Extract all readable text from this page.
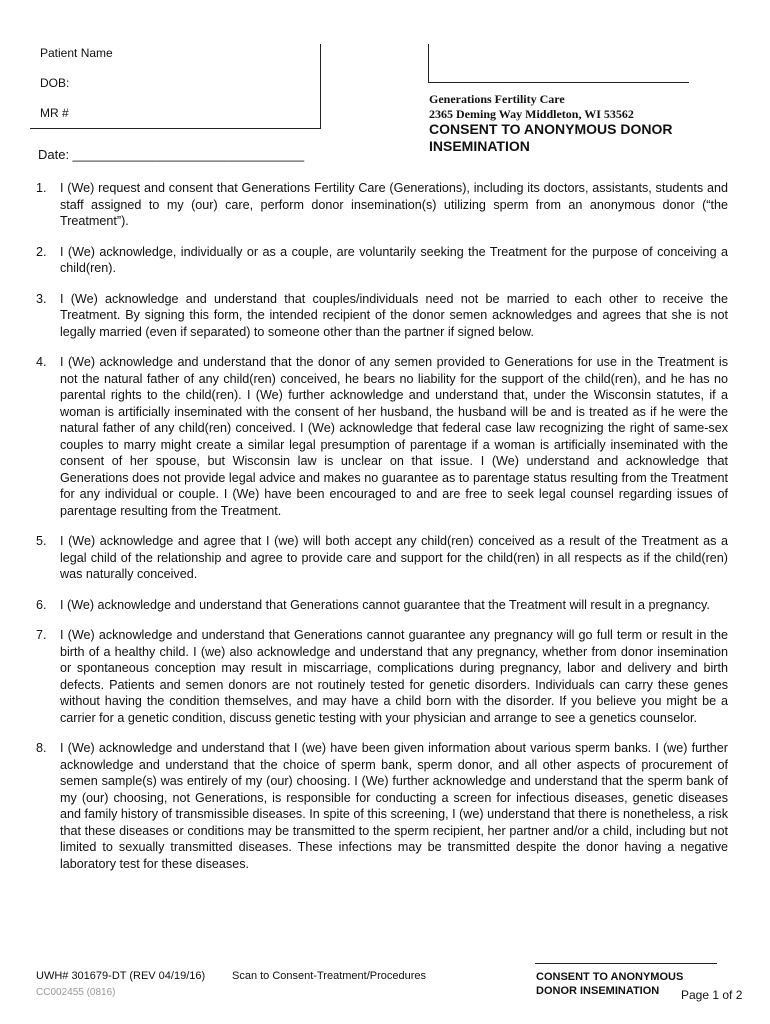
Patient Name
DOB:
MR #
Generations Fertility Care
2365 Deming Way Middleton, WI 53562
CONSENT TO ANONYMOUS DONOR INSEMINATION
Date: ________________________________
1.	I (We) request and consent that Generations Fertility Care (Generations), including its doctors, assistants, students and staff assigned to my (our) care, perform donor insemination(s) utilizing sperm from an anonymous donor (“the Treatment”).
2.	I (We) acknowledge, individually or as a couple, are voluntarily seeking the Treatment for the purpose of conceiving a child(ren).
3.	I (We) acknowledge and understand that couples/individuals need not be married to each other to receive the Treatment. By signing this form, the intended recipient of the donor semen acknowledges and agrees that she is not legally married (even if separated) to someone other than the partner if signed below.
4.	I (We) acknowledge and understand that the donor of any semen provided to Generations for use in the Treatment is not the natural father of any child(ren) conceived, he bears no liability for the support of the child(ren), and he has no parental rights to the child(ren). I (We) further acknowledge and understand that, under the Wisconsin statutes, if a woman is artificially inseminated with the consent of her husband, the husband will be and is treated as if he were the natural father of any child(ren) conceived. I (We) acknowledge that federal case law recognizing the right of same-sex couples to marry might create a similar legal presumption of parentage if a woman is artificially inseminated with the consent of her spouse, but Wisconsin law is unclear on that issue. I (We) understand and acknowledge that Generations does not provide legal advice and makes no guarantee as to parentage status resulting from the Treatment for any individual or couple. I (We) have been encouraged to and are free to seek legal counsel regarding issues of parentage resulting from the Treatment.
5.	I (We) acknowledge and agree that I (we) will both accept any child(ren) conceived as a result of the Treatment as a legal child of the relationship and agree to provide care and support for the child(ren) in all respects as if the child(ren) was naturally conceived.
6.	I (We) acknowledge and understand that Generations cannot guarantee that the Treatment will result in a pregnancy.
7.	I (We) acknowledge and understand that Generations cannot guarantee any pregnancy will go full term or result in the birth of a healthy child. I (we) also acknowledge and understand that any pregnancy, whether from donor insemination or spontaneous conception may result in miscarriage, complications during pregnancy, labor and delivery and birth defects. Patients and semen donors are not routinely tested for genetic disorders. Individuals can carry these genes without having the condition themselves, and may have a child born with the disorder. If you believe you might be a carrier for a genetic condition, discuss genetic testing with your physician and arrange to see a genetics counselor.
8.	I (We) acknowledge and understand that I (we) have been given information about various sperm banks. I (we) further acknowledge and understand that the choice of sperm bank, sperm donor, and all other aspects of procurement of semen sample(s) was entirely of my (our) choosing. I (We) further acknowledge and understand that the sperm bank of my (our) choosing, not Generations, is responsible for conducting a screen for infectious diseases, genetic diseases and family history of transmissible diseases. In spite of this screening, I (we) understand that there is nonetheless, a risk that these diseases or conditions may be transmitted to the sperm recipient, her partner and/or a child, including but not limited to sexually transmitted diseases. These infections may be transmitted despite the donor having a negative laboratory test for these diseases.
UWH# 301679-DT (REV 04/19/16)
CC002455 (0816)
Scan to Consent-Treatment/Procedures	CONSENT TO ANONYMOUS
DONOR INSEMINATION	Page 1 of 2
